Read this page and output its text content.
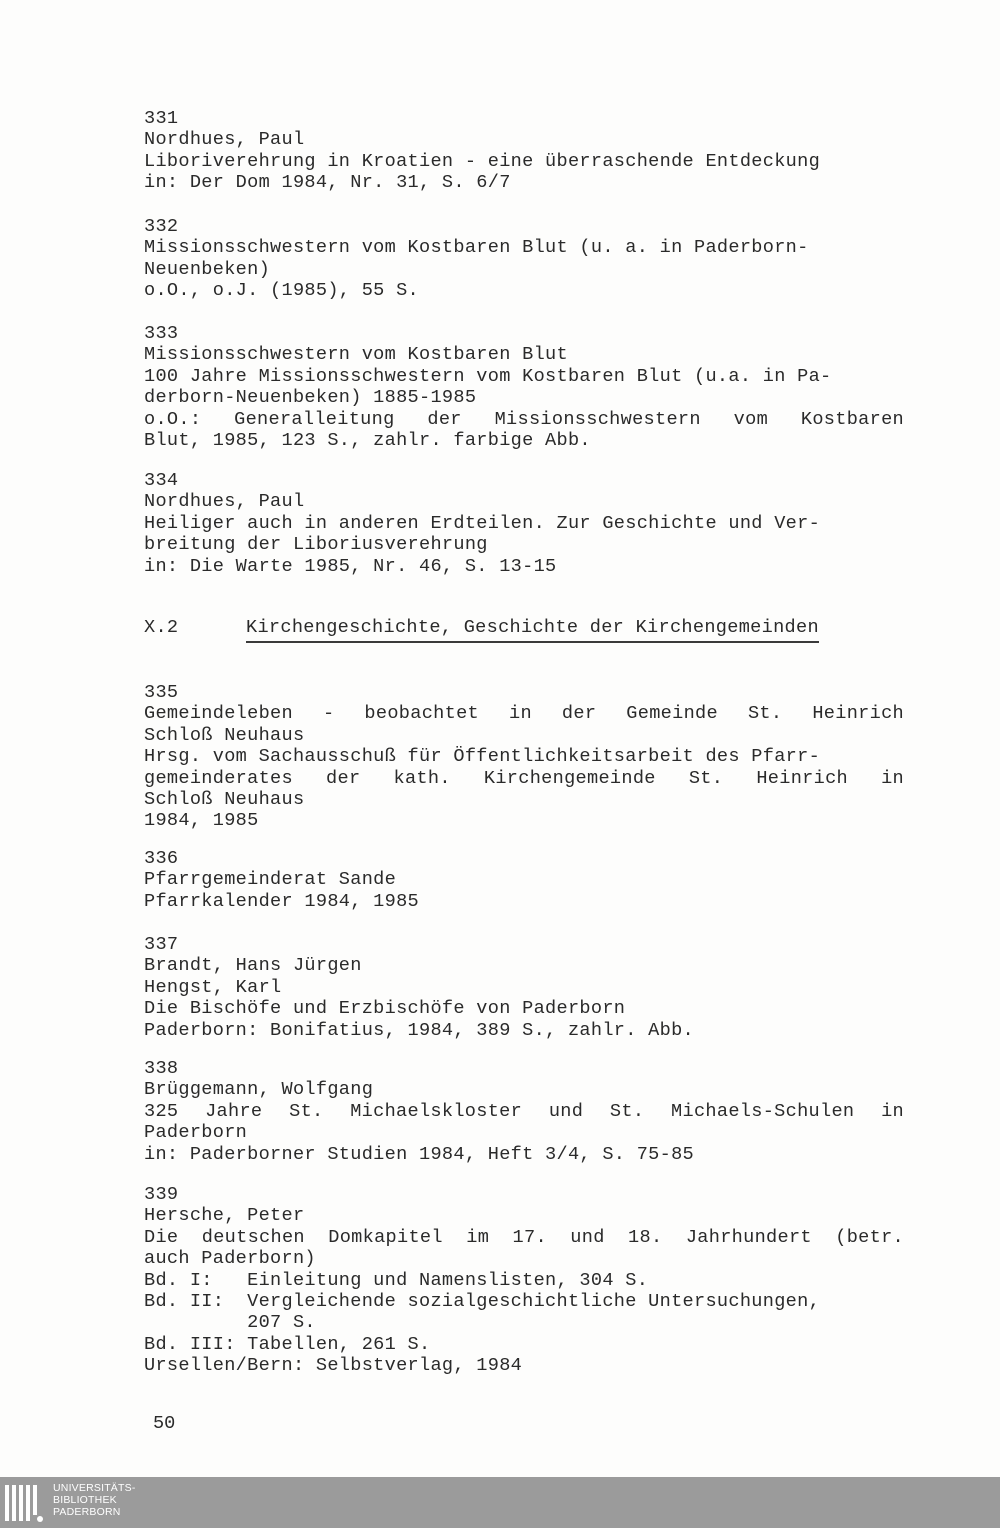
331
Nordhues, Paul
Liboriverehrung in Kroatien - eine überraschende Entdeckung
in: Der Dom 1984, Nr. 31, S. 6/7
332
Missionsschwestern vom Kostbaren Blut (u. a. in Paderborn-
Neuenbeken)
o.O., o.J. (1985), 55 S.
333
Missionsschwestern vom Kostbaren Blut
100 Jahre Missionsschwestern vom Kostbaren Blut (u.a. in Pa-
derborn-Neuenbeken) 1885-1985
o.O.: Generalleitung der Missionsschwestern vom Kostbaren
Blut, 1985, 123 S., zahlr. farbige Abb.
334
Nordhues, Paul
Heiliger auch in anderen Erdteilen. Zur Geschichte und Ver-
breitung der Liboriusverehrung
in: Die Warte 1985, Nr. 46, S. 13-15
X.2	Kirchengeschichte, Geschichte der Kirchengemeinden
335
Gemeindeleben - beobachtet in der Gemeinde St. Heinrich
Schloß Neuhaus
Hrsg. vom Sachausschuß für Öffentlichkeitsarbeit des Pfarr-
gemeinderates der kath. Kirchengemeinde St. Heinrich in
Schloß Neuhaus
1984, 1985
336
Pfarrgemeinderat Sande
Pfarrkalender 1984, 1985
337
Brandt, Hans Jürgen
Hengst, Karl
Die Bischöfe und Erzbischöfe von Paderborn
Paderborn: Bonifatius, 1984, 389 S., zahlr. Abb.
338
Brüggemann, Wolfgang
325 Jahre St. Michaelskloster und St. Michaels-Schulen in
Paderborn
in: Paderborner Studien 1984, Heft 3/4, S. 75-85
339
Hersche, Peter
Die deutschen Domkapitel im 17. und 18. Jahrhundert (betr.
auch Paderborn)
Bd. I:   Einleitung und Namenslisten, 304 S.
Bd. II:  Vergleichende sozialgeschichtliche Untersuchungen,
207 S.
Bd. III: Tabellen, 261 S.
Ursellen/Bern: Selbstverlag, 1984
50
UNIVERSITÄTS-
BIBLIOTHEK
PADERBORN
